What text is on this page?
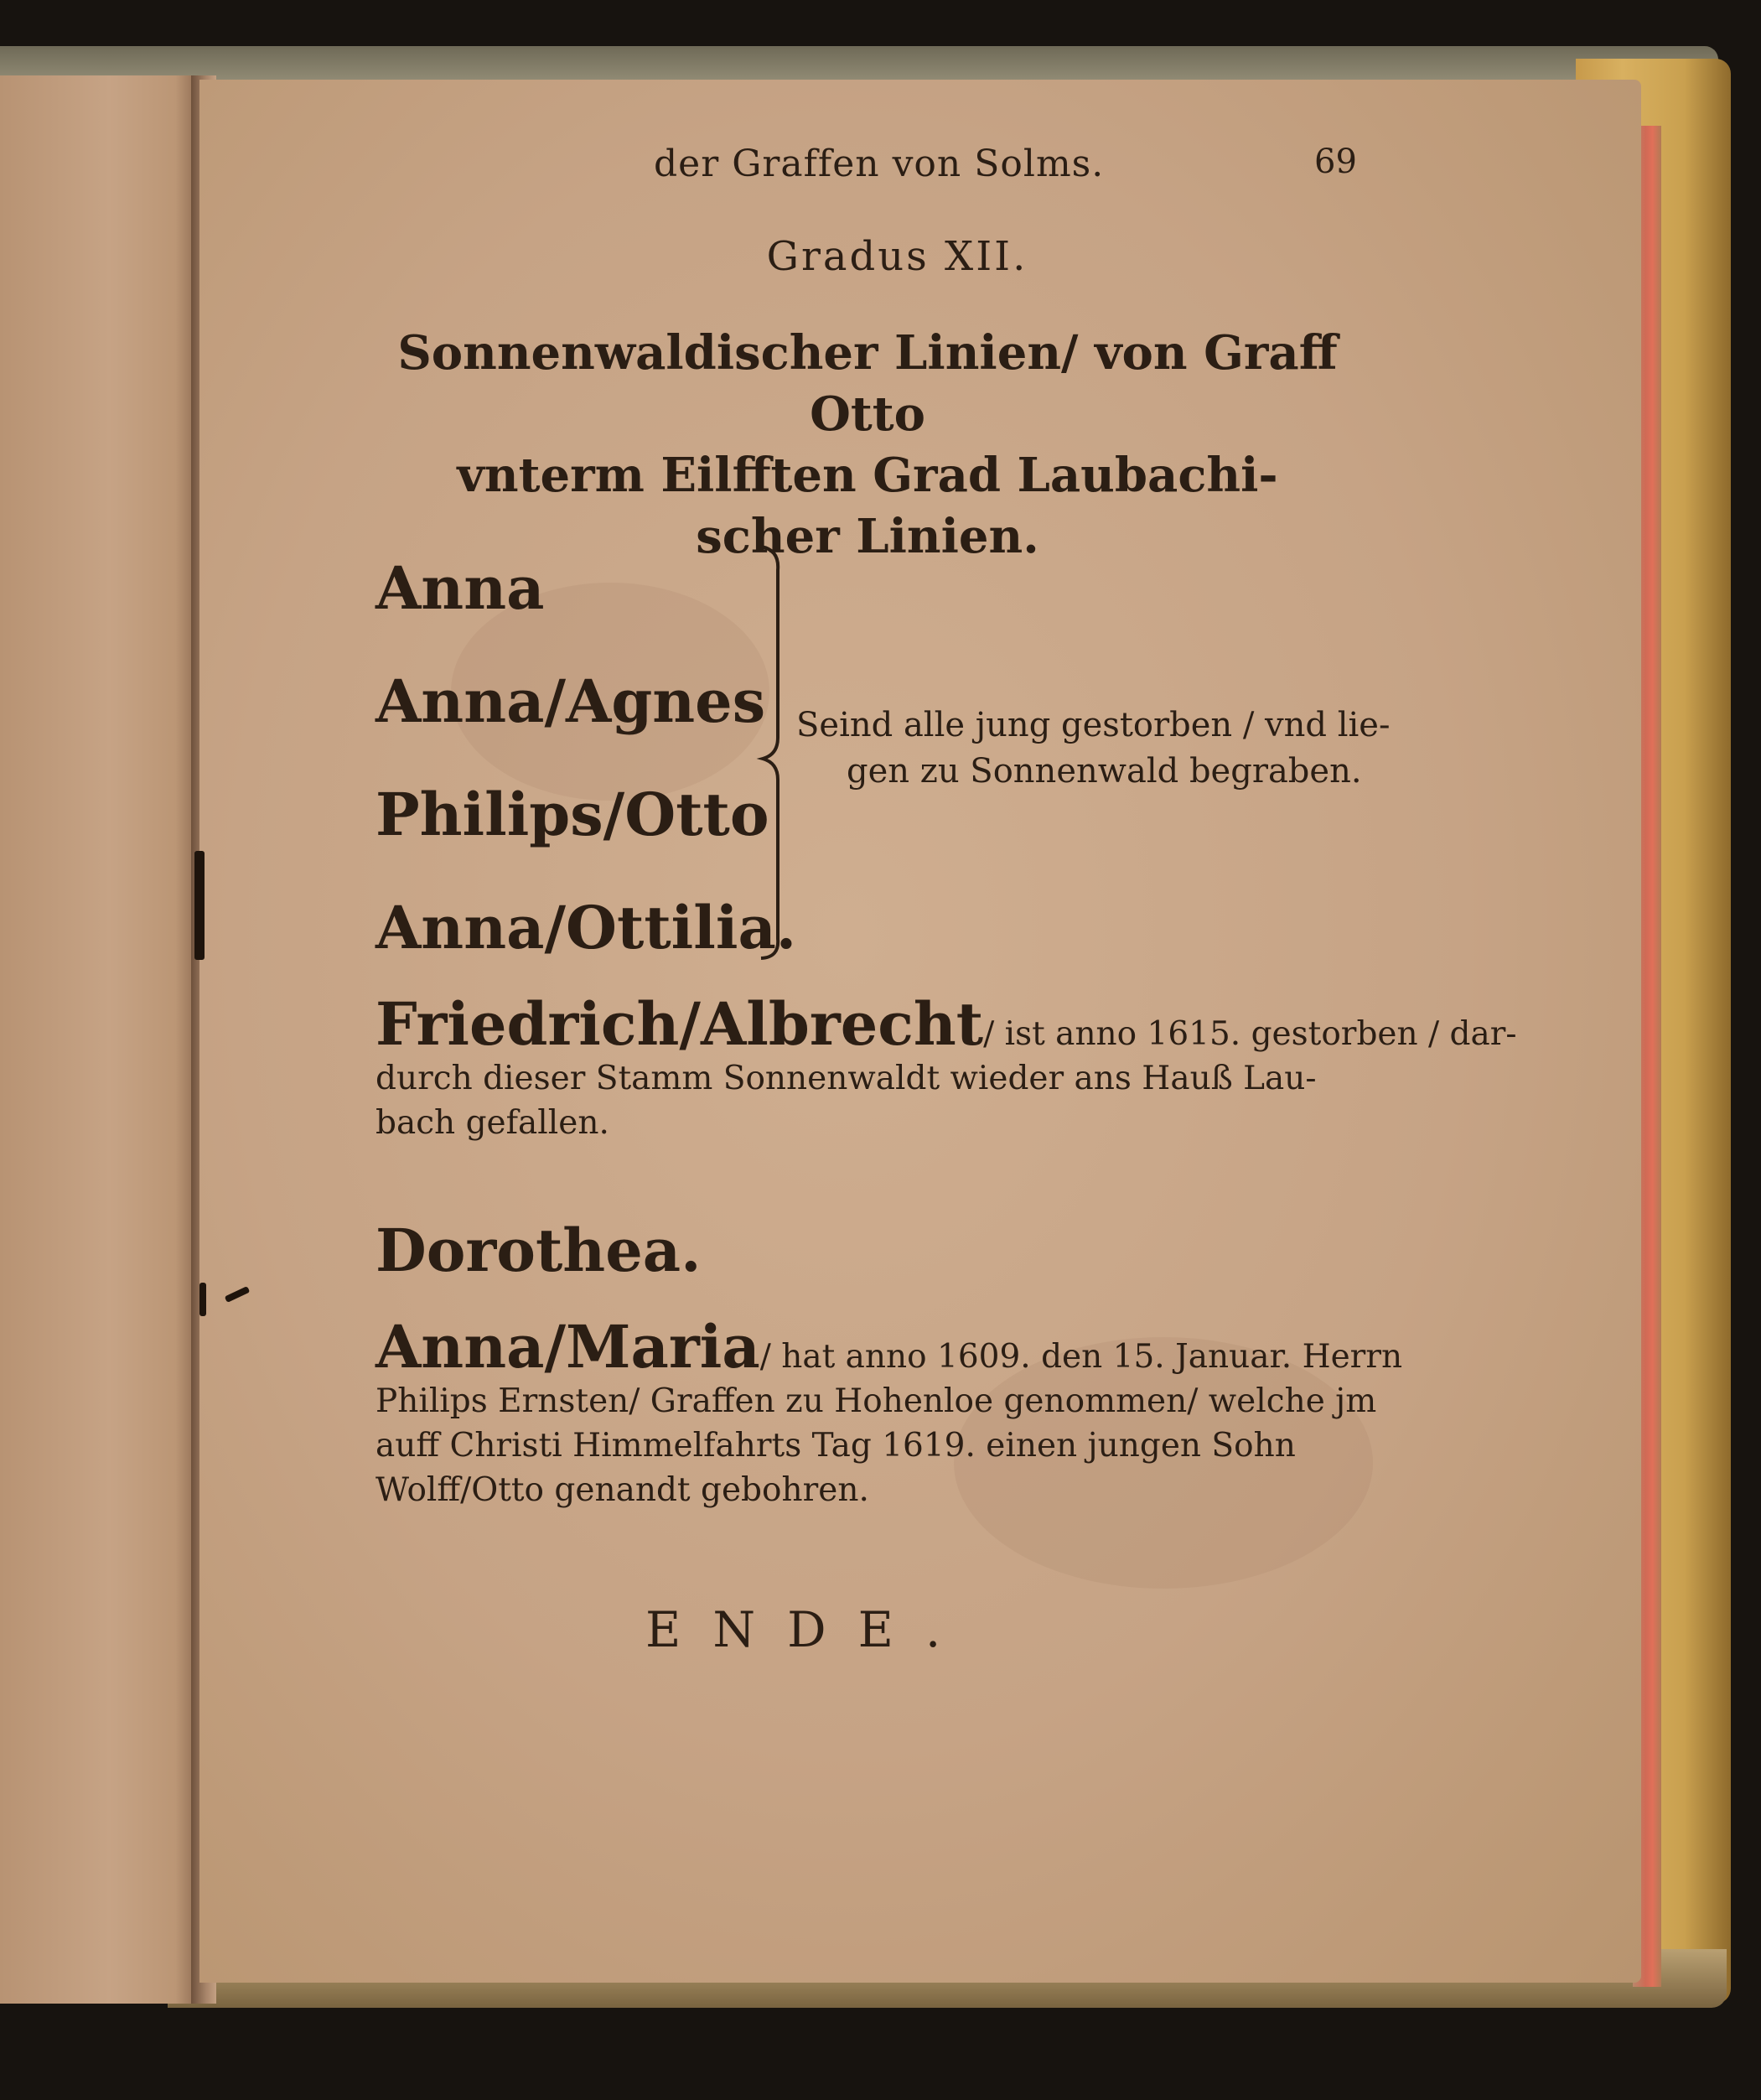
der Graffen von Solms.	69
Gradus XII.
Sonnenwaldischer Linien/ von Graff Otto
vnterm Eilfften Grad Laubachi-
scher Linien.
Anna
Anna/Agnes
Philips/Otto
Anna/Ottilia.
Seind alle jung gestorben / vnd lie-
gen zu Sonnenwald begraben.
Friedrich/Albrecht/ ist anno 1615. gestorben / dar-
durch dieser Stamm Sonnenwaldt wieder ans Hauß Lau-
bach gefallen.
Dorothea.
Anna/Maria/ hat anno 1609. den 15. Januar. Herrn
Philips Ernsten/ Graffen zu Hohenloe genommen/ welche jm
auff Christi Himmelfahrts Tag 1619. einen jungen Sohn
Wolff/Otto genandt gebohren.
ENDE.
